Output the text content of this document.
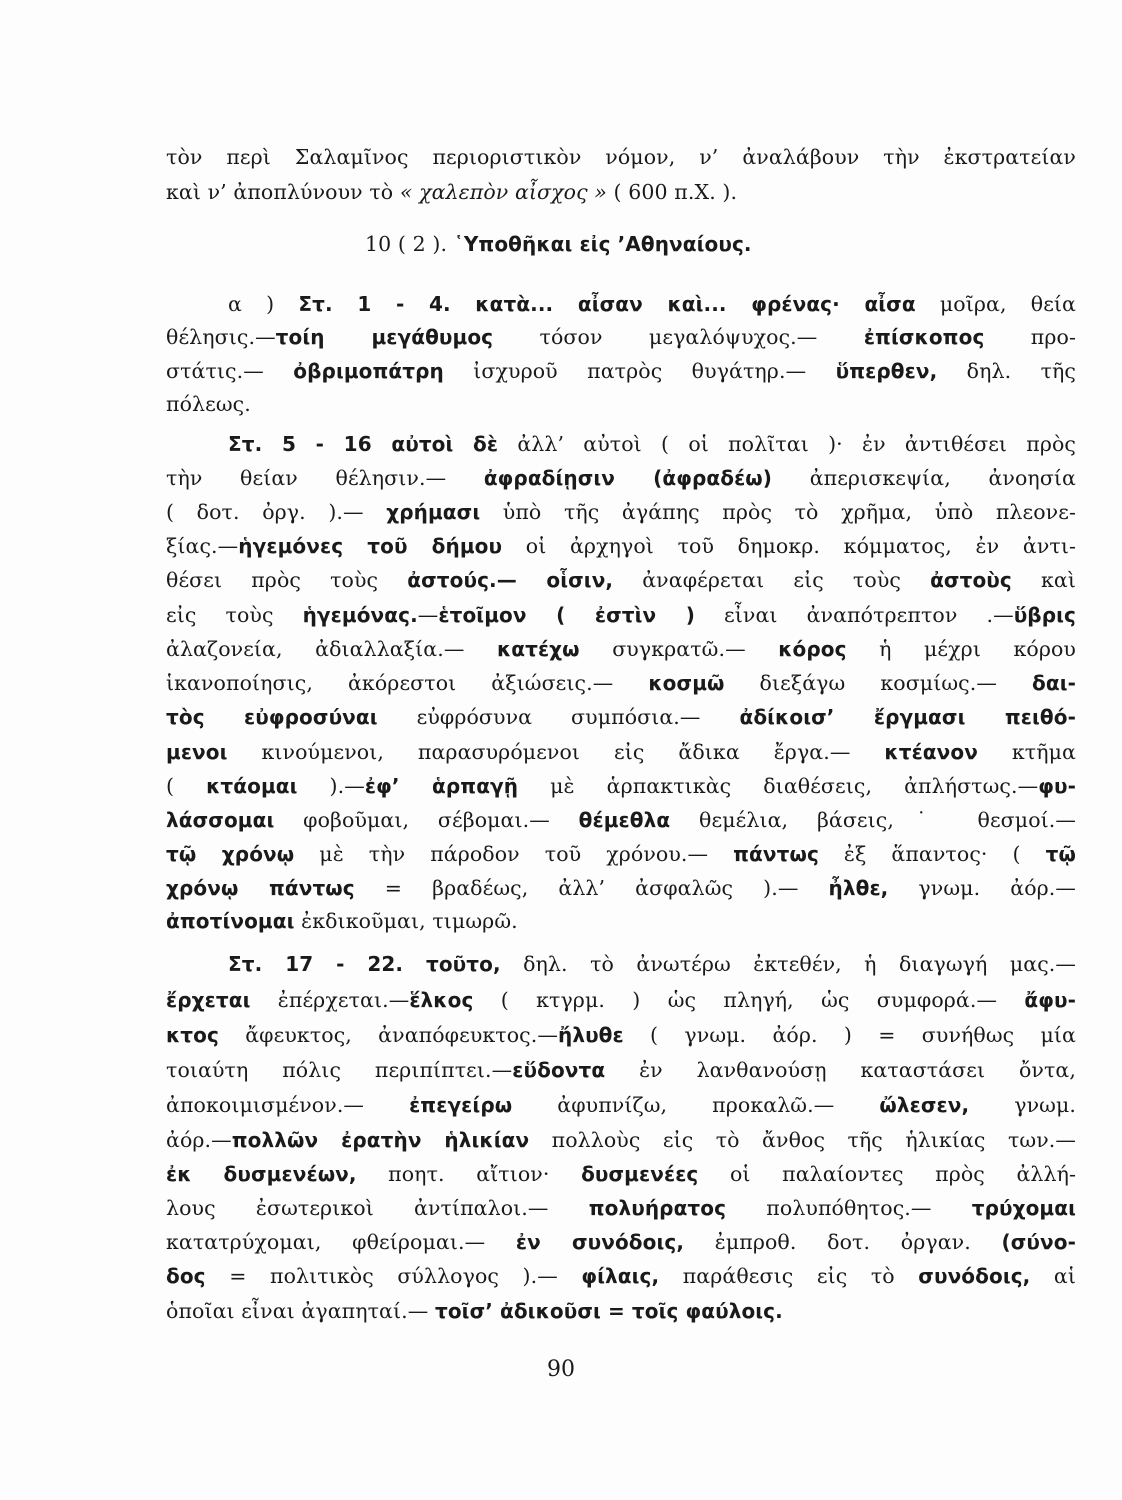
τὸν περὶ Σαλαμῖνος περιοριστικὸν νόμον, ν’ ἀναλάβουν τὴν ἐκστρατείαν
καὶ ν’ ἀποπλύνουν τὸ « χαλεπὸν αἶσχος » ( 600 π.Χ. ).
10 ( 2 ). ῾Υποθῆκαι εἰς ’Αθηναίους.
α ) Στ. 1 - 4. κατὰ... αἶσαν καὶ... φρένας· αἶσα μοῖρα, θεία
θέλησις.—τοίη μεγάθυμος τόσον μεγαλόψυχος.— ἐπίσκοπος προ-
στάτις.— ὀβριμοπάτρη ἰσχυροῦ πατρὸς θυγάτηρ.— ὕπερθεν, δηλ. τῆς
πόλεως.
Στ. 5 - 16 αὐτοὶ δὲ ἀλλ’ αὐτοὶ ( οἱ πολῖται )· ἐν ἀντιθέσει πρὸς
τὴν θείαν θέλησιν.— ἀφραδίῃσιν (ἀφραδέω) ἀπερισκεψία, ἀνοησία
( δοτ. ὀργ. ).— χρήμασι ὑπὸ τῆς ἀγάπης πρὸς τὸ χρῆμα, ὑπὸ πλεονε-
ξίας.—ἡγεμόνες τοῦ δήμου οἱ ἀρχηγοὶ τοῦ δημοκρ. κόμματος, ἐν ἀντι-
θέσει πρὸς τοὺς ἀστούς.— οἷσιν, ἀναφέρεται εἰς τοὺς ἀστοὺς καὶ
εἰς τοὺς ἡγεμόνας.—ἑτοῖμον ( ἐστὶν ) εἶναι ἀναπότρεπτον .—ὕβρις
ἀλαζονεία, ἀδιαλλαξία.— κατέχω συγκρατῶ.— κόρος ἡ μέχρι κόρου
ἱκανοποίησις, ἀκόρεστοι ἀξιώσεις.— κοσμῶ διεξάγω κοσμίως.— δαι-
τὸς εὐφροσύναι εὐφρόσυνα συμπόσια.— ἀδίκοισ’ ἔργμασι πειθό-
μενοι κινούμενοι, παρασυρόμενοι εἰς ἄδικα ἔργα.— κτέανον κτῆμα
( κτάομαι ).—ἐφ’ ἁρπαγῇ μὲ ἁρπακτικὰς διαθέσεις, ἀπλήστως.—φυ-
λάσσομαι φοβοῦμαι, σέβομαι.— θέμεθλα θεμέλια, βάσεις,˙ θεσμοί.—
τῷ χρόνῳ μὲ τὴν πάροδον τοῦ χρόνου.— πάντως ἐξ ἅπαντος· ( τῷ
χρόνῳ πάντως = βραδέως, ἀλλ’ ἀσφαλῶς ).— ἦλθε, γνωμ. ἀόρ.—
ἀποτίνομαι ἐκδικοῦμαι, τιμωρῶ.
Στ. 17 - 22. τοῦτο, δηλ. τὸ ἀνωτέρω ἐκτεθέν, ἡ διαγωγή μας.—
ἔρχεται ἐπέρχεται.—ἕλκος ( κτγρμ. ) ὡς πληγή, ὡς συμφορά.— ἄφυ-
κτος ἄφευκτος, ἀναπόφευκτος.—ἤλυθε ( γνωμ. ἀόρ. ) = συνήθως μία
τοιαύτη πόλις περιπίπτει.—εὕδοντα ἐν λανθανούσῃ καταστάσει ὄντα,
ἀποκοιμισμένον.— ἐπεγείρω ἀφυπνίζω, προκαλῶ.— ὤλεσεν, γνωμ.
ἀόρ.—πολλῶν ἐρατὴν ἡλικίαν πολλοὺς εἰς τὸ ἄνθος τῆς ἡλικίας των.—
ἐκ δυσμενέων, ποητ. αἴτιον· δυσμενέες οἱ παλαίοντες πρὸς ἀλλή-
λους ἐσωτερικοὶ ἀντίπαλοι.— πολυήρατος πολυπόθητος.— τρύχομαι
κατατρύχομαι, φθείρομαι.— ἐν συνόδοις, ἐμπροθ. δοτ. ὀργαν. (σύνο-
δος = πολιτικὸς σύλλογος ).— φίλαις, παράθεσις εἰς τὸ συνόδοις, αἱ
ὁποῖαι εἶναι ἀγαπηταί.— τοῖσ’ ἀδικοῦσι = τοῖς φαύλοις.
90
